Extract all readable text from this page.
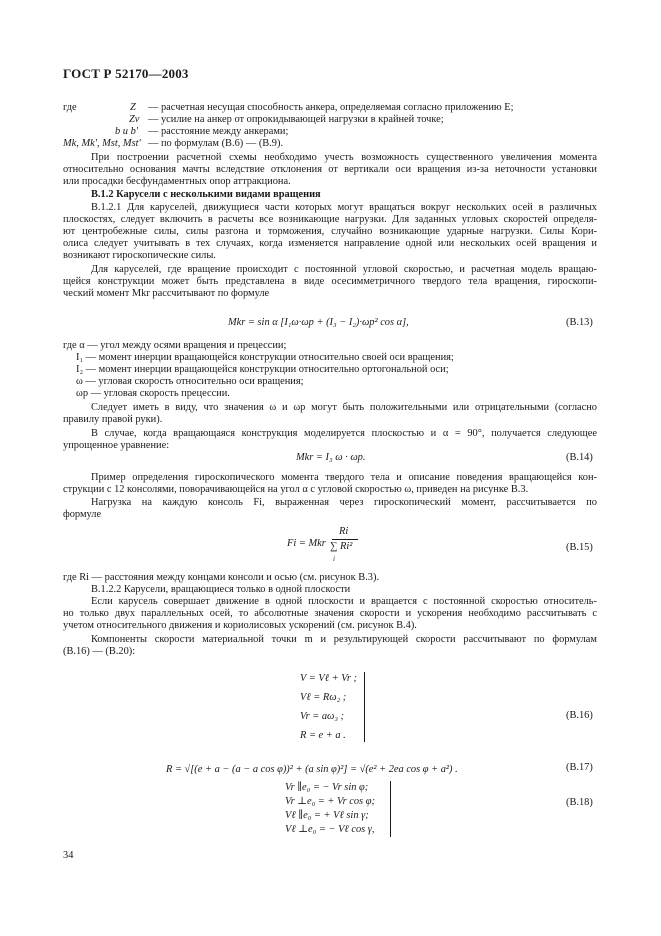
ГОСТ Р 52170—2003
где	Z — расчетная несущая способность анкера, определяемая согласно приложению Е;
Zv — усилие на анкер от опрокидывающей нагрузки в крайней точке;
b и b' — расстояние между анкерами;
Mk, Mk', Mst, Mst' — по формулам (В.6) — (В.9).
При построении расчетной схемы необходимо учесть возможность существенного увеличения момента
относительно основания мачты вследствие отклонения от вертикали оси вращения из-за неточности установки
или просадки бесфундаментных опор аттракциона.
В.1.2 Карусели с несколькими видами вращения
В.1.2.1 Для каруселей, движущиеся части которых могут вращаться вокруг нескольких осей в различных
плоскостях, следует включить в расчеты все возникающие нагрузки. Для заданных угловых скоростей определя-
ют центробежные силы, силы разгона и торможения, случайно возникающие ударные нагрузки. Силы Кори-
олиса следует учитывать в тех случаях, когда изменяется направление одной или нескольких осей вращения и
возникают гироскопические силы.
Для каруселей, где вращение происходит с постоянной угловой скоростью, и расчетная модель вращаю-
щейся конструкции может быть представлена в виде осесимметричного твердого тела вращения, гироскопи-
ческий момент Mkr рассчитывают по формуле
Mkr = sin α [I₁ω·ωp + (I₃ − I₂)·ωp² cos α],	(В.13)
где α — угол между осями вращения и прецессии;
I₁ — момент инерции вращающейся конструкции относительно своей оси вращения;
I₂ — момент инерции вращающейся конструкции относительно ортогональной оси;
ω — угловая скорость относительно оси вращения;
ωp — угловая скорость прецессии.
Следует иметь в виду, что значения ω и ωp могут быть положительными или отрицательными (согласно
правилу правой руки).
В случае, когда вращающаяся конструкция моделируется плоскостью и α = 90°, получается следующее
упрощенное уравнение:
Mkr = I₃ ω · ωp.	(В.14)
Пример определения гироскопического момента твердого тела и описание поведения вращающейся кон-
струкции с 12 консолями, поворачивающейся на угол α с угловой скоростью ω, приведен на рисунке В.3.
Нагрузка на каждую консоль Fi, выраженная через гироскопический момент, рассчитывается по
формуле
Fi = Mkr
Ri
∑ Ri²
i
(В.15)
где Ri — расстояния между концами консоли и осью (см. рисунок В.3).
В.1.2.2 Карусели, вращающиеся только в одной плоскости
Если карусель совершает движение в одной плоскости и вращается с постоянной скоростью относитель-
но только двух параллельных осей, то абсолютные значения скорости и ускорения необходимо рассчитывать с
учетом относительного движения и кориолисовых ускорений (см. рисунок В.4).
Компоненты скорости материальной точки m и результирующей скорости рассчитывают по формулам
(В.16) — (В.20):
V = Vℓ + Vr ;
Vℓ = Rω₂ ;
Vr = aω₃ ;
R = e + a .
(В.16)
R = √[(e + a − (a − a cos φ))² + (a sin φ)²] = √(e² + 2ea cos φ + a²) .	(В.17)
Vr ∥e₀ = − Vr sin φ;
Vr ⊥e₀ = + Vr cos φ;
Vℓ ∥e₀ = + Vℓ sin γ;
Vℓ ⊥e₀ = − Vℓ cos γ,
(В.18)
34
